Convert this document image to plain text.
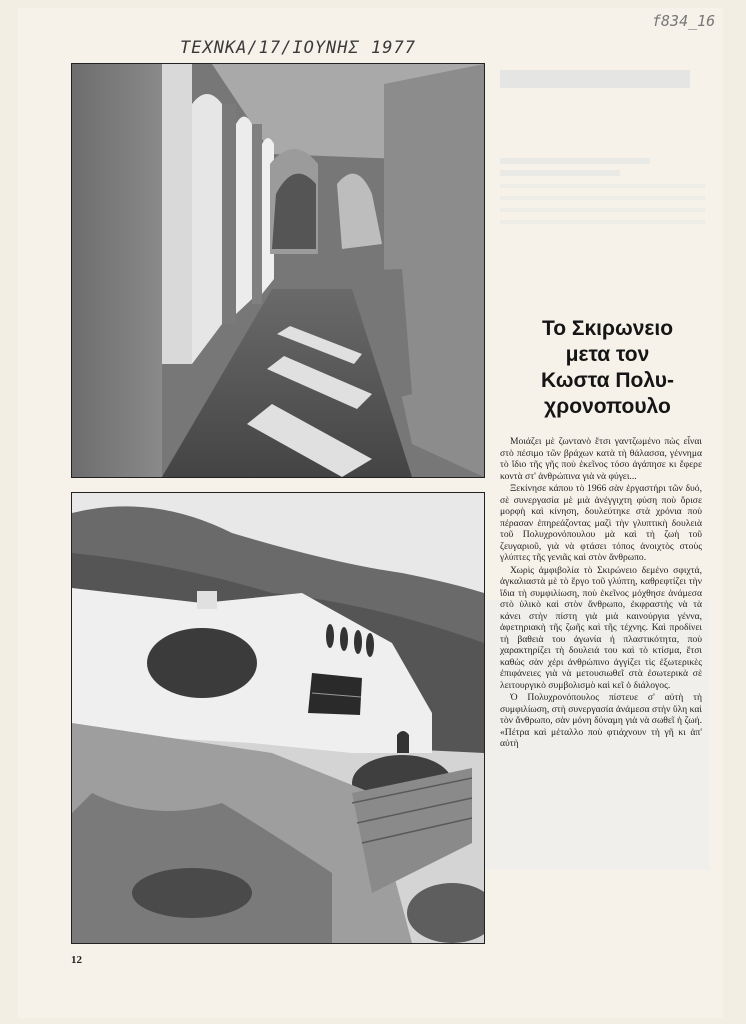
ΤΕΧΝΚΑ/17/ΙΟΥΝΗΣ 1977
f834_16
Το Σκιρωνειο
μετα τον
Κωστα Πολυ-
χρονοπουλο

Μοιάζει μὲ ζωντανὸ ἔτσι γαντζωμένο πὼς εἶναι στὸ πέσιμο τῶν βράχων κατὰ τὴ θάλασσα, γέννημα τὸ ἴδιο τῆς γῆς ποὺ ἐκεῖνος τόσο ἀγάπησε κι ἔφερε κοντὰ στ' ἀνθρώπινα γιὰ νὰ φύγει...

Ξεκίνησε κάπου τὸ 1966 σὰν ἐργαστήρι τῶν δυό, σὲ συνεργασία μὲ μιὰ ἀνέγγιχτη φύση ποὺ ὅρισε μορφὴ καὶ κίνηση, δουλεύτηκε στὰ χρόνια ποὺ πέρασαν ἐπηρεάζοντας μαζὶ τὴν γλυπτικὴ δουλειὰ τοῦ Πολυχρονόπουλου μὰ καὶ τὴ ζωὴ τοῦ ζευγαριοῦ, γιὰ νὰ φτάσει τόπος ἀνοιχτὸς στοὺς γλύπτες τῆς γενιᾶς καὶ στὸν ἄνθρωπο.

Χωρὶς ἀμφιβολία τὸ Σκιρώνειο δεμένο σφιχτά, ἀγκαλιαστὰ μὲ τὸ ἔργο τοῦ γλύπτη, καθρεφτίζει τὴν ἴδια τὴ συμφιλίωση, ποὺ ἐκεῖνος μόχθησε ἀνάμεσα στὸ ὑλικὸ καὶ στὸν ἄνθρωπο, ἐκφραστὴς νὰ τὰ κάνει στὴν πίστη γιὰ μιὰ καινούργια γέννα, ἀφετηριακὴ τῆς ζωῆς καὶ τῆς τέχνης. Καὶ προδίνει τὴ βαθειὰ του ἀγωνία ἡ πλαστικότητα, ποὺ χαρακτηρίζει τὴ δουλειά του καὶ τὸ κτίσμα, ἔτσι καθὼς σὰν χέρι ἀνθρώπινο ἀγγίζει τὶς ἐξωτερικὲς ἐπιφάνειες γιὰ νὰ μετουσιωθεῖ στὰ ἐσωτερικὰ σὲ λειτουργικὸ συμβολισμὸ καὶ κεῖ ὁ διάλογος.

Ὁ Πολυχρονόπουλος πίστευε σ' αὐτὴ τὴ συμφιλίωση, στὴ συνεργασία ἀνάμεσα στὴν ὕλη καὶ τὸν ἄνθρωπο, σὰν μόνη δύναμη γιὰ νὰ σωθεῖ ἡ ζωή. «Πέτρα καὶ μέταλλο ποὺ φτιάχνουν τὴ γῆ κι ἀπ' αὐτὴ

12
